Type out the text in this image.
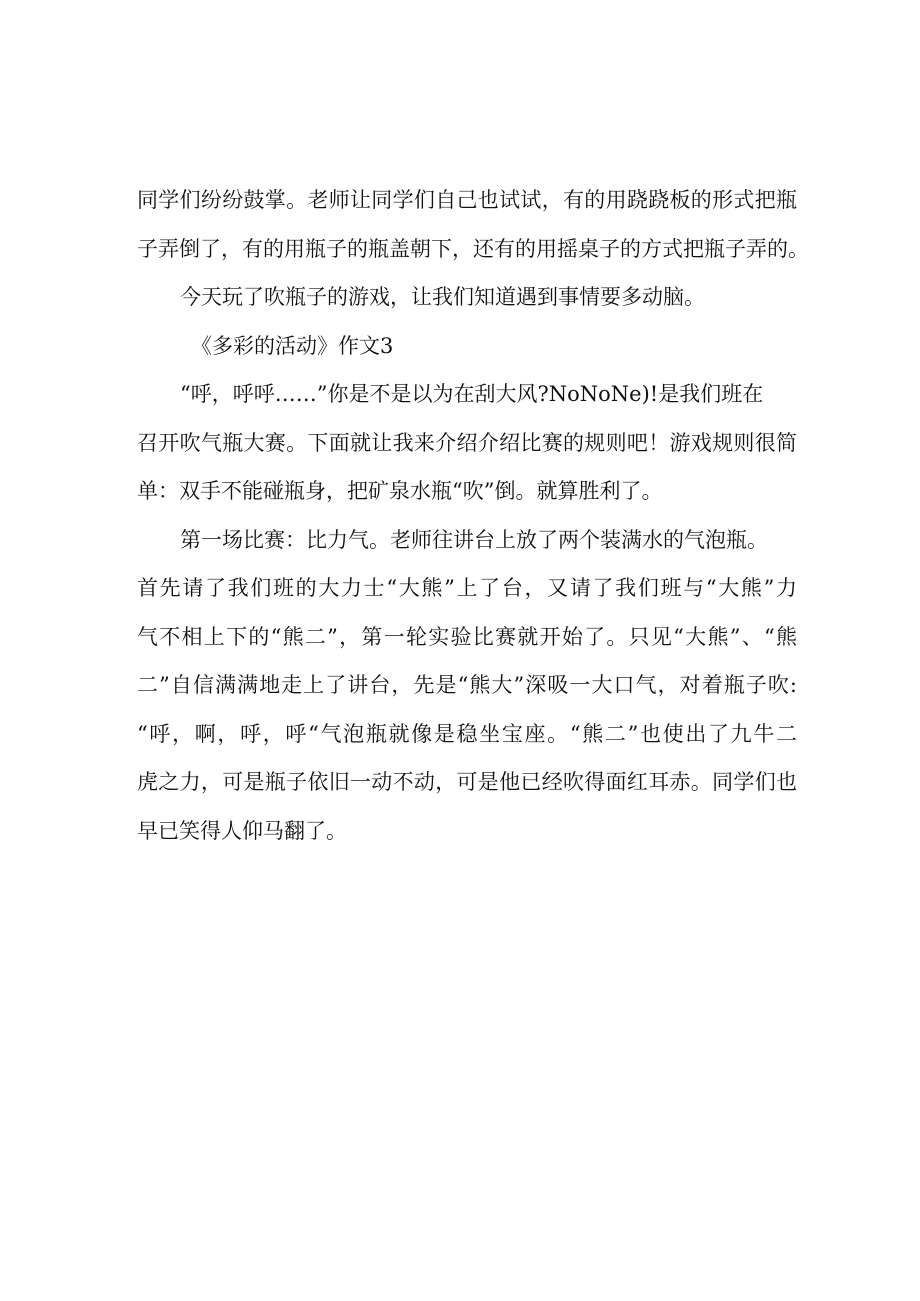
同学们纷纷鼓掌。老师让同学们自己也试试，有的用跷跷板的形式把瓶
子弄倒了，有的用瓶子的瓶盖朝下，还有的用摇桌子的方式把瓶子弄的。
今天玩了吹瓶子的游戏，让我们知道遇到事情要多动脑。
《多彩的活动》作文3
“呼，呼呼……”你是不是以为在刮大风?NoNoNe)!是我们班在
召开吹气瓶大赛。下面就让我来介绍介绍比赛的规则吧！游戏规则很简
单：双手不能碰瓶身，把矿泉水瓶“吹”倒。就算胜利了。
第一场比赛：比力气。老师往讲台上放了两个装满水的气泡瓶。
首先请了我们班的大力士“大熊”上了台，又请了我们班与“大熊”力
气不相上下的“熊二”，第一轮实验比赛就开始了。只见“大熊”、“熊
二”自信满满地走上了讲台，先是“熊大”深吸一大口气，对着瓶子吹:
“呼，啊，呼，呼“气泡瓶就像是稳坐宝座。“熊二”也使出了九牛二
虎之力，可是瓶子依旧一动不动，可是他已经吹得面红耳赤。同学们也
早已笑得人仰马翻了。
